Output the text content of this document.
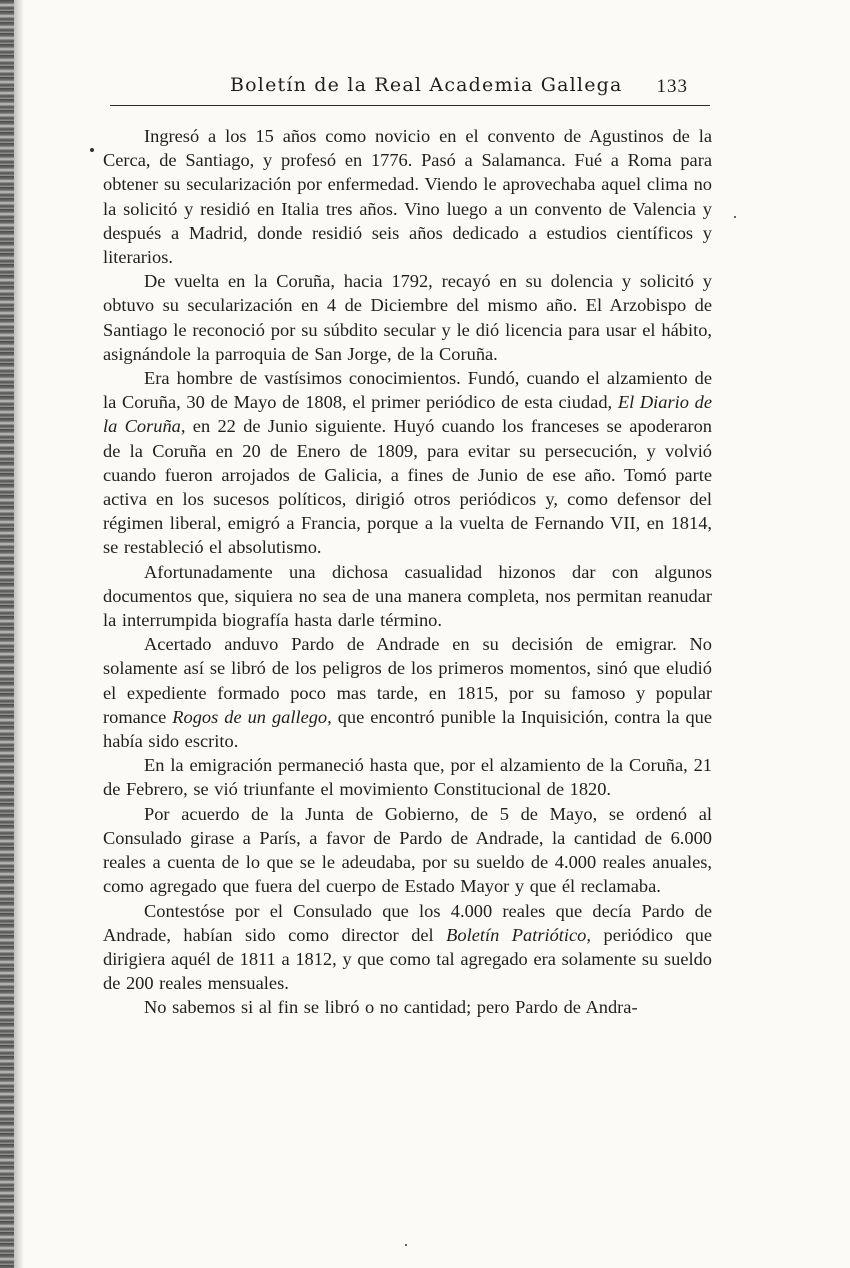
Boletín de la Real Academia Gallega 133

Ingresó a los 15 años como novicio en el convento de Agustinos de la Cerca, de Santiago, y profesó en 1776. Pasó a Salamanca. Fué a Roma para obtener su secularización por enfermedad. Viendo le aprovechaba aquel clima no la solicitó y residió en Italia tres años. Vino luego a un convento de Valencia y después a Madrid, donde residió seis años dedicado a estudios científicos y literarios.

De vuelta en la Coruña, hacia 1792, recayó en su dolencia y solicitó y obtuvo su secularización en 4 de Diciembre del mismo año. El Arzobispo de Santiago le reconoció por su súbdito secular y le dió licencia para usar el hábito, asignándole la parroquia de San Jorge, de la Coruña.

Era hombre de vastísimos conocimientos. Fundó, cuando el alzamiento de la Coruña, 30 de Mayo de 1808, el primer periódico de esta ciudad, El Diario de la Coruña, en 22 de Junio siguiente. Huyó cuando los franceses se apoderaron de la Coruña en 20 de Enero de 1809, para evitar su persecución, y volvió cuando fueron arrojados de Galicia, a fines de Junio de ese año. Tomó parte activa en los sucesos políticos, dirigió otros periódicos y, como defensor del régimen liberal, emigró a Francia, porque a la vuelta de Fernando VII, en 1814, se restableció el absolutismo.

Afortunadamente una dichosa casualidad hizonos dar con algunos documentos que, siquiera no sea de una manera completa, nos permitan reanudar la interrumpida biografía hasta darle término.

Acertado anduvo Pardo de Andrade en su decisión de emigrar. No solamente así se libró de los peligros de los primeros momentos, sinó que eludió el expediente formado poco mas tarde, en 1815, por su famoso y popular romance Rogos de un gallego, que encontró punible la Inquisición, contra la que había sido escrito.

En la emigración permaneció hasta que, por el alzamiento de la Coruña, 21 de Febrero, se vió triunfante el movimiento Constitucional de 1820.

Por acuerdo de la Junta de Gobierno, de 5 de Mayo, se ordenó al Consulado girase a París, a favor de Pardo de Andrade, la cantidad de 6.000 reales a cuenta de lo que se le adeudaba, por su sueldo de 4.000 reales anuales, como agregado que fuera del cuerpo de Estado Mayor y que él reclamaba.

Contestóse por el Consulado que los 4.000 reales que decía Pardo de Andrade, habían sido como director del Boletín Patriótico, periódico que dirigiera aquél de 1811 a 1812, y que como tal agregado era solamente su sueldo de 200 reales mensuales.

No sabemos si al fin se libró o no cantidad; pero Pardo de Andra-
